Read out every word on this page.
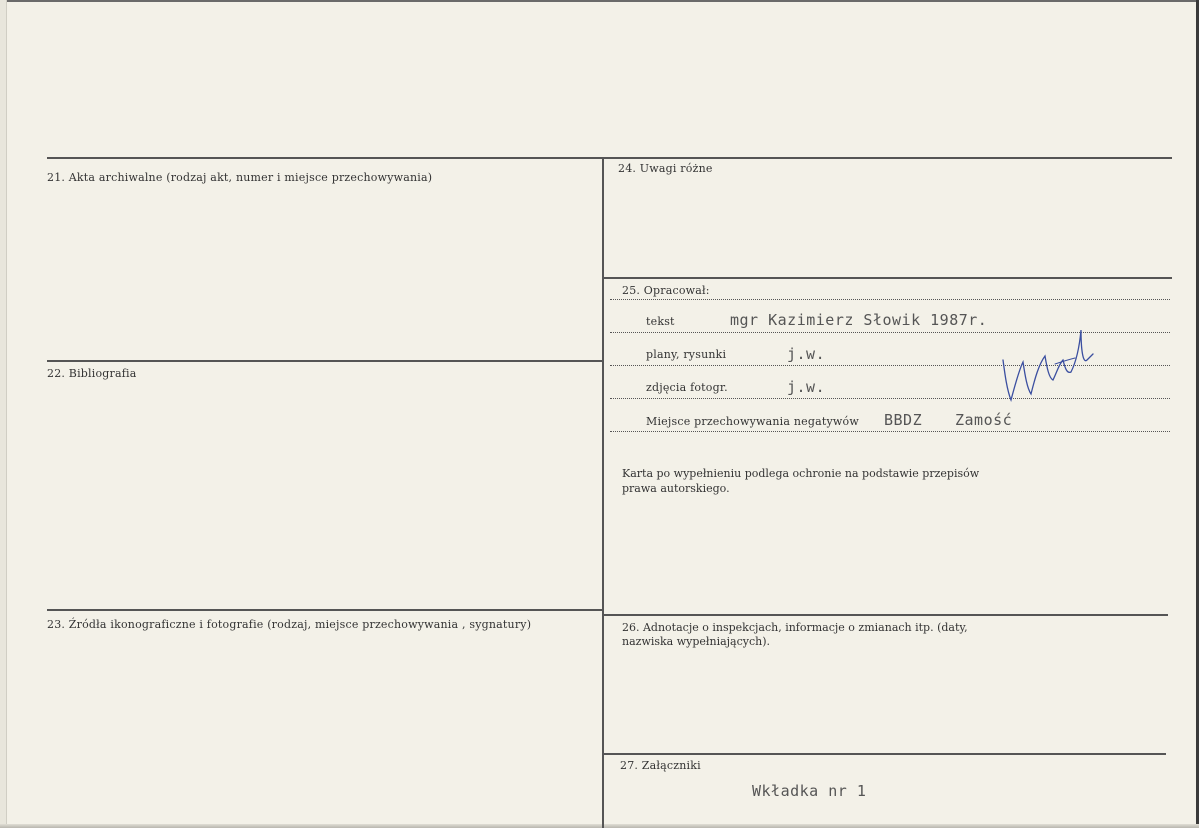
21. Akta archiwalne (rodzaj akt, numer i miejsce przechowywania)
22. Bibliografia
23. Źródła ikonograficzne i fotografie (rodzaj, miejsce przechowywania , sygnatury)
24. Uwagi różne
25. Opracował:
tekst	mgr Kazimierz Słowik 1987r.
plany, rysunki	j.w.
zdjęcia fotogr.	j.w.
Miejsce przechowywania negatywów BBDZ Zamość
Karta po wypełnieniu podlega ochronie na podstawie przepisów
prawa autorskiego.
26. Adnotacje o inspekcjach, informacje o zmianach itp. (daty,
nazwiska wypełniających).
27. Załączniki
Wkładka nr 1
